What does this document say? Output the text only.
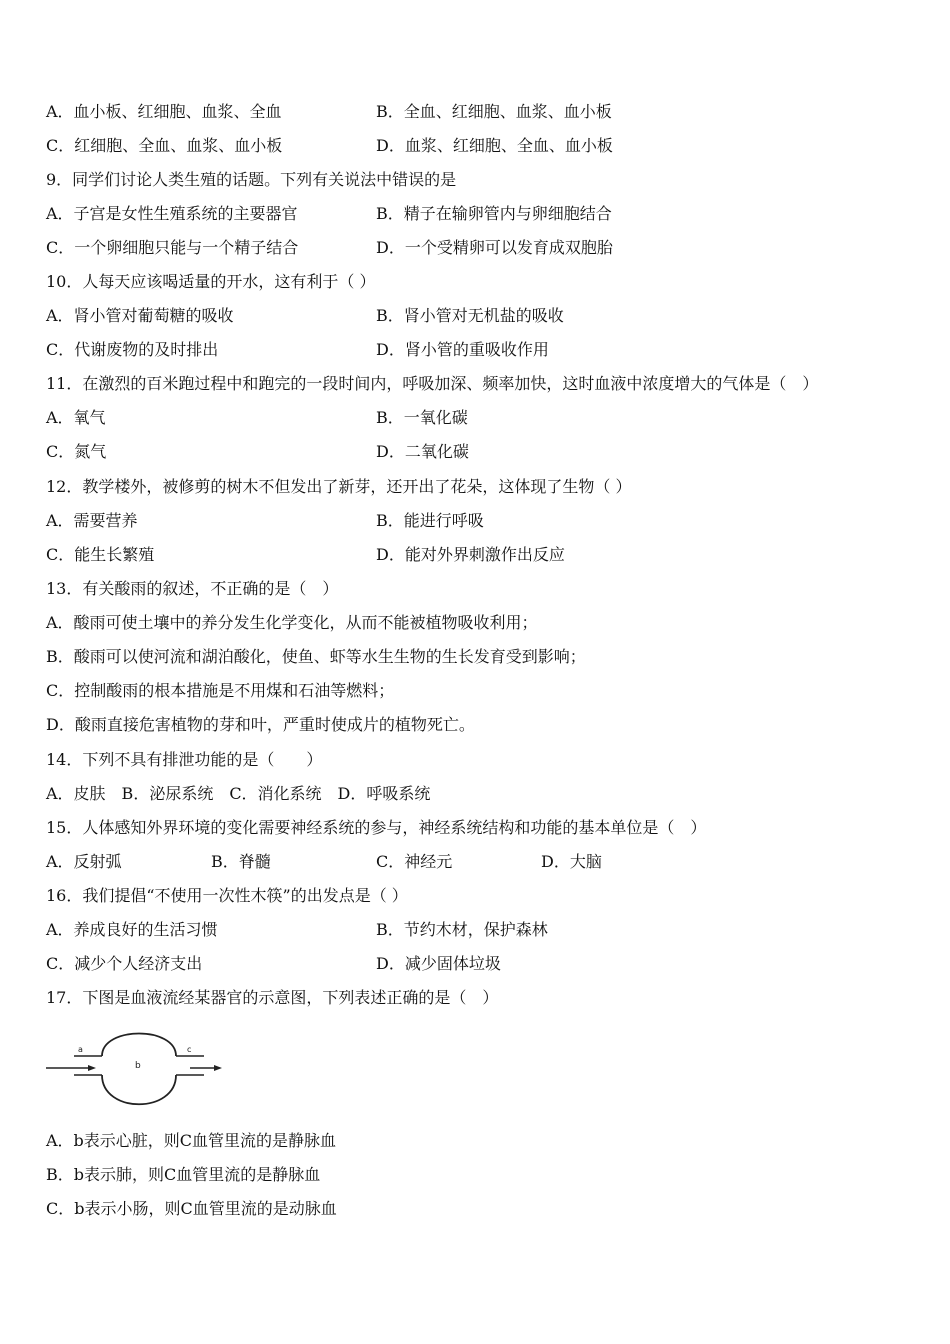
A．血小板、红细胞、血浆、全血	B．全血、红细胞、血浆、血小板
C．红细胞、全血、血浆、血小板	D．血浆、红细胞、全血、血小板
9．同学们讨论人类生殖的话题。下列有关说法中错误的是
A．子宫是女性生殖系统的主要器官	B．精子在输卵管内与卵细胞结合
C．一个卵细胞只能与一个精子结合	D．一个受精卵可以发育成双胞胎
10．人每天应该喝适量的开水，这有利于（ ）
A．肾小管对葡萄糖的吸收	B．肾小管对无机盐的吸收
C．代谢废物的及时排出	D．肾小管的重吸收作用
11．在激烈的百米跑过程中和跑完的一段时间内，呼吸加深、频率加快，这时血液中浓度增大的气体是（　）
A．氧气	B．一氧化碳
C．氮气	D．二氧化碳
12．教学楼外，被修剪的树木不但发出了新芽，还开出了花朵，这体现了生物（ ）
A．需要营养	B．能进行呼吸
C．能生长繁殖	D．能对外界刺激作出反应
13．有关酸雨的叙述，不正确的是（　）
A．酸雨可使土壤中的养分发生化学变化，从而不能被植物吸收利用；
B．酸雨可以使河流和湖泊酸化，使鱼、虾等水生生物的生长发育受到影响；
C．控制酸雨的根本措施是不用煤和石油等燃料；
D．酸雨直接危害植物的芽和叶，严重时使成片的植物死亡。
14．下列不具有排泄功能的是（　　）
A．皮肤　B．泌尿系统　C．消化系统　D．呼吸系统
15．人体感知外界环境的变化需要神经系统的参与，神经系统结构和功能的基本单位是（　）
A．反射弧	B．脊髓	C．神经元	D．大脑
16．我们提倡“不使用一次性木筷”的出发点是（ ）
A．养成良好的生活习惯	B．节约木材，保护森林
C．减少个人经济支出	D．减少固体垃圾
17．下图是血液流经某器官的示意图，下列表述正确的是（　）
a
b
c
A．b表示心脏，则C血管里流的是静脉血
B．b表示肺，则C血管里流的是静脉血
C．b表示小肠，则C血管里流的是动脉血
